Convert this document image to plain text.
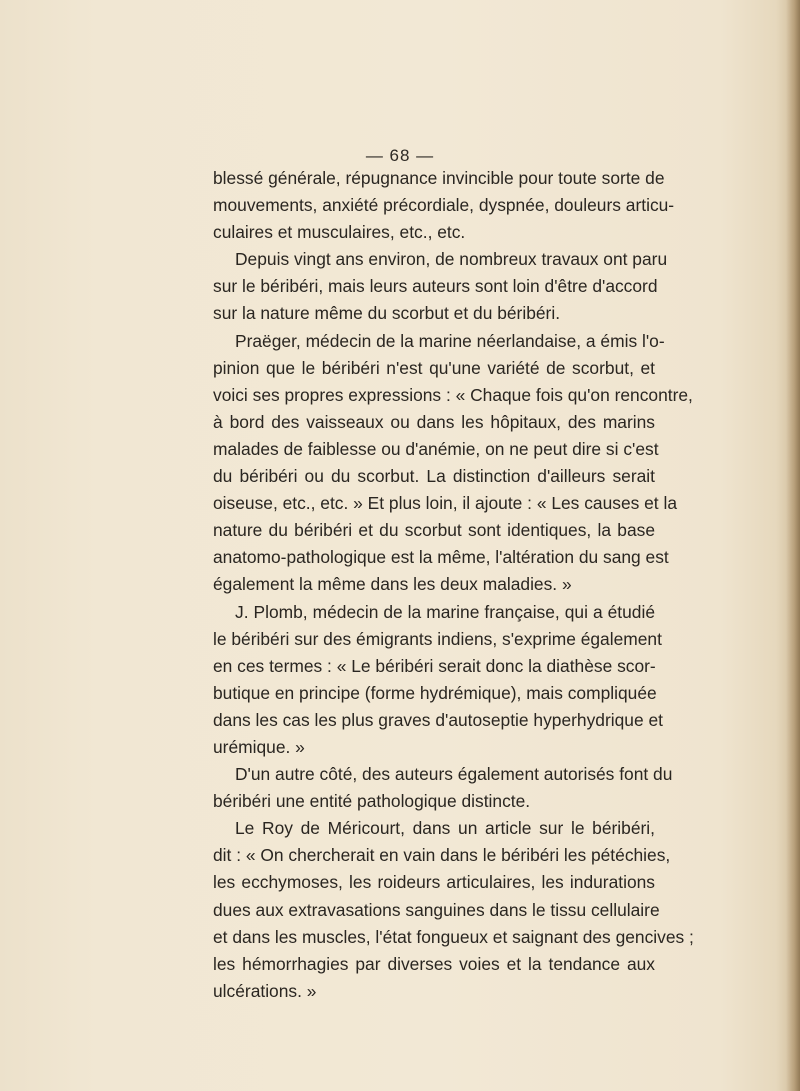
— 68 —

blessé générale, répugnance invincible pour toute sorte de

mouvements, anxiété précordiale, dyspnée, douleurs articu-

culaires et musculaires, etc., etc.

Depuis vingt ans environ, de nombreux travaux ont paru

sur le béribéri, mais leurs auteurs sont loin d'être d'accord

sur la nature même du scorbut et du béribéri.

Praëger, médecin de la marine néerlandaise, a émis l'o-

pinion que le béribéri n'est qu'une variété de scorbut, et

voici ses propres expressions : « Chaque fois qu'on rencontre,

à bord des vaisseaux ou dans les hôpitaux, des marins

malades de faiblesse ou d'anémie, on ne peut dire si c'est

du béribéri ou du scorbut. La distinction d'ailleurs serait

oiseuse, etc., etc. » Et plus loin, il ajoute : « Les causes et la

nature du béribéri et du scorbut sont identiques, la base

anatomo-pathologique est la même, l'altération du sang est

également la même dans les deux maladies. »

J. Plomb, médecin de la marine française, qui a étudié

le béribéri sur des émigrants indiens, s'exprime également

en ces termes : « Le béribéri serait donc la diathèse scor-

butique en principe (forme hydrémique), mais compliquée

dans les cas les plus graves d'autoseptie hyperhydrique et

urémique. »

D'un autre côté, des auteurs également autorisés font du

béribéri une entité pathologique distincte.

Le Roy de Méricourt, dans un article sur le béribéri,

dit : « On chercherait en vain dans le béribéri les pétéchies,

les ecchymoses, les roideurs articulaires, les indurations

dues aux extravasations sanguines dans le tissu cellulaire

et dans les muscles, l'état fongueux et saignant des gencives ;

les hémorrhagies par diverses voies et la tendance aux

ulcérations. »
